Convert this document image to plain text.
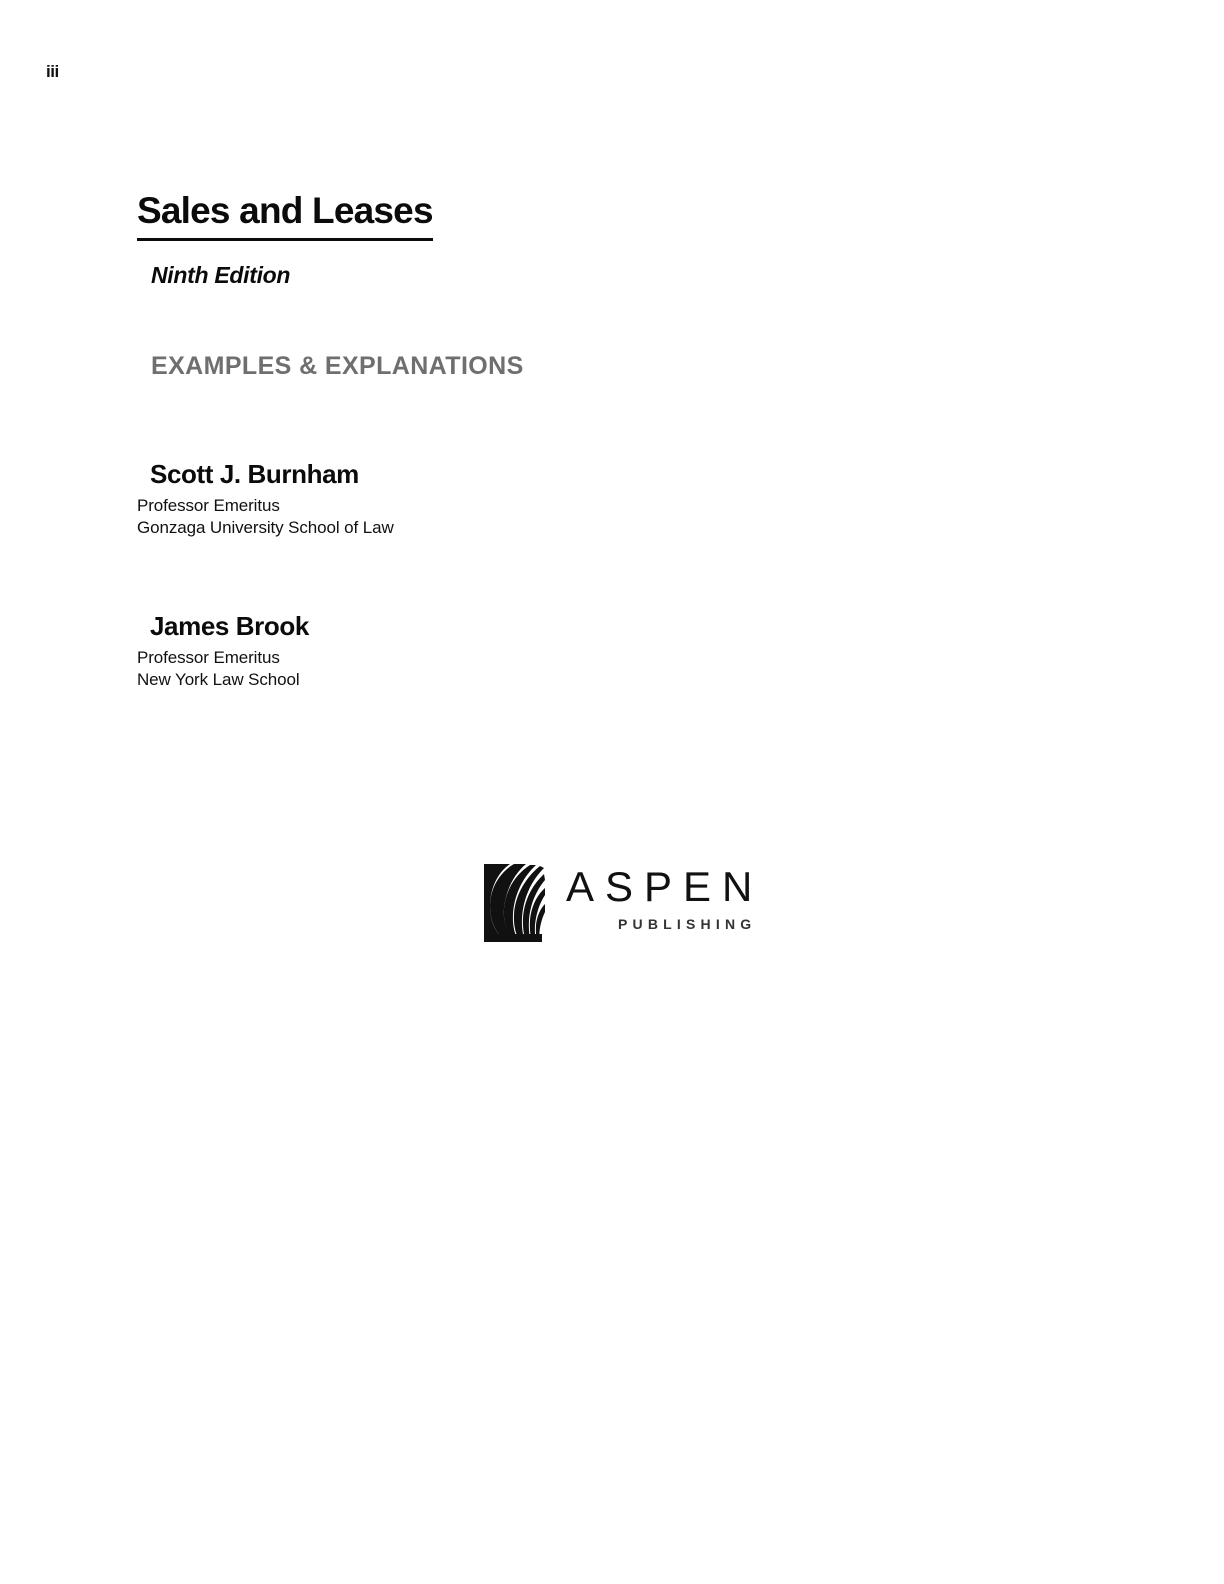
iii
Sales and Leases
Ninth Edition
EXAMPLES & EXPLANATIONS
Scott J. Burnham
Professor Emeritus
Gonzaga University School of Law
James Brook
Professor Emeritus
New York Law School
ASPEN
PUBLISHING
